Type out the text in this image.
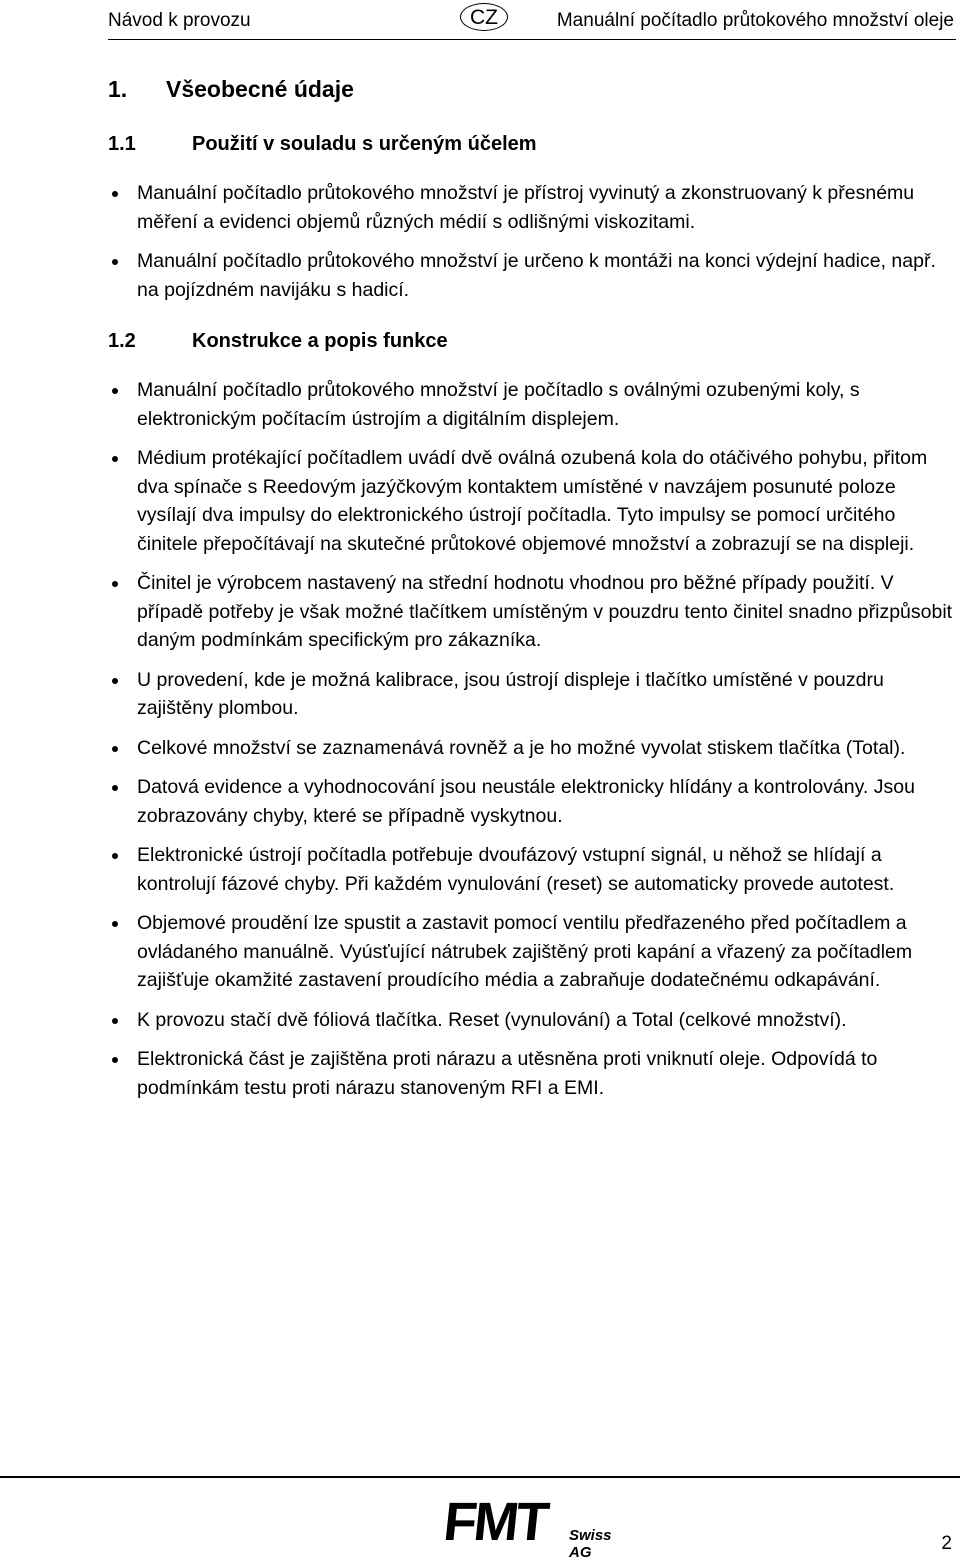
Návod k provozu	CZ	Manuální počítadlo průtokového množství oleje
1. Všeobecné údaje
1.1	Použití v souladu s určeným účelem
Manuální počítadlo průtokového množství je přístroj vyvinutý a zkonstruovaný k přesnému měření a evidenci objemů různých médií s odlišnými viskozitami.
Manuální počítadlo průtokového množství je určeno k montáži na konci výdejní hadice, např. na pojízdném navijáku s hadicí.
1.2	Konstrukce a popis funkce
Manuální počítadlo průtokového množství je počítadlo s oválnými ozubenými koly, s elektronickým počítacím ústrojím a digitálním displejem.
Médium protékající počítadlem uvádí dvě oválná ozubená kola do otáčivého pohybu, přitom dva spínače s Reedovým jazýčkovým kontaktem umístěné v navzájem posunuté poloze vysílají dva impulsy do elektronického ústrojí počítadla. Tyto impulsy se pomocí určitého činitele přepočítávají na skutečné průtokové objemové množství a zobrazují se na displeji.
Činitel je výrobcem nastavený na střední hodnotu vhodnou pro běžné případy použití. V případě potřeby je však možné tlačítkem umístěným v pouzdru tento činitel snadno přizpůsobit daným podmínkám specifickým pro zákazníka.
U provedení, kde je možná kalibrace, jsou ústrojí displeje i tlačítko umístěné v pouzdru zajištěny plombou.
Celkové množství se zaznamenává rovněž a je ho možné vyvolat stiskem tlačítka (Total).
Datová evidence a vyhodnocování jsou neustále elektronicky hlídány a kontrolovány. Jsou zobrazovány chyby, které se případně vyskytnou.
Elektronické ústrojí počítadla potřebuje dvoufázový vstupní signál, u něhož se hlídají a kontrolují fázové chyby. Při každém vynulování (reset) se automaticky provede autotest.
Objemové proudění lze spustit a zastavit pomocí ventilu předřazeného před počítadlem a ovládaného manuálně. Vyúsťující nátrubek zajištěný proti kapání a vřazený za počítadlem zajišťuje okamžité zastavení proudícího média a zabraňuje dodatečnému odkapávání.
K provozu stačí dvě fóliová tlačítka. Reset (vynulování) a Total (celkové množství).
Elektronická část je zajištěna proti nárazu a utěsněna proti vniknutí oleje. Odpovídá to podmínkám testu proti nárazu stanoveným RFI a EMI.
FMT Swiss AG	2
